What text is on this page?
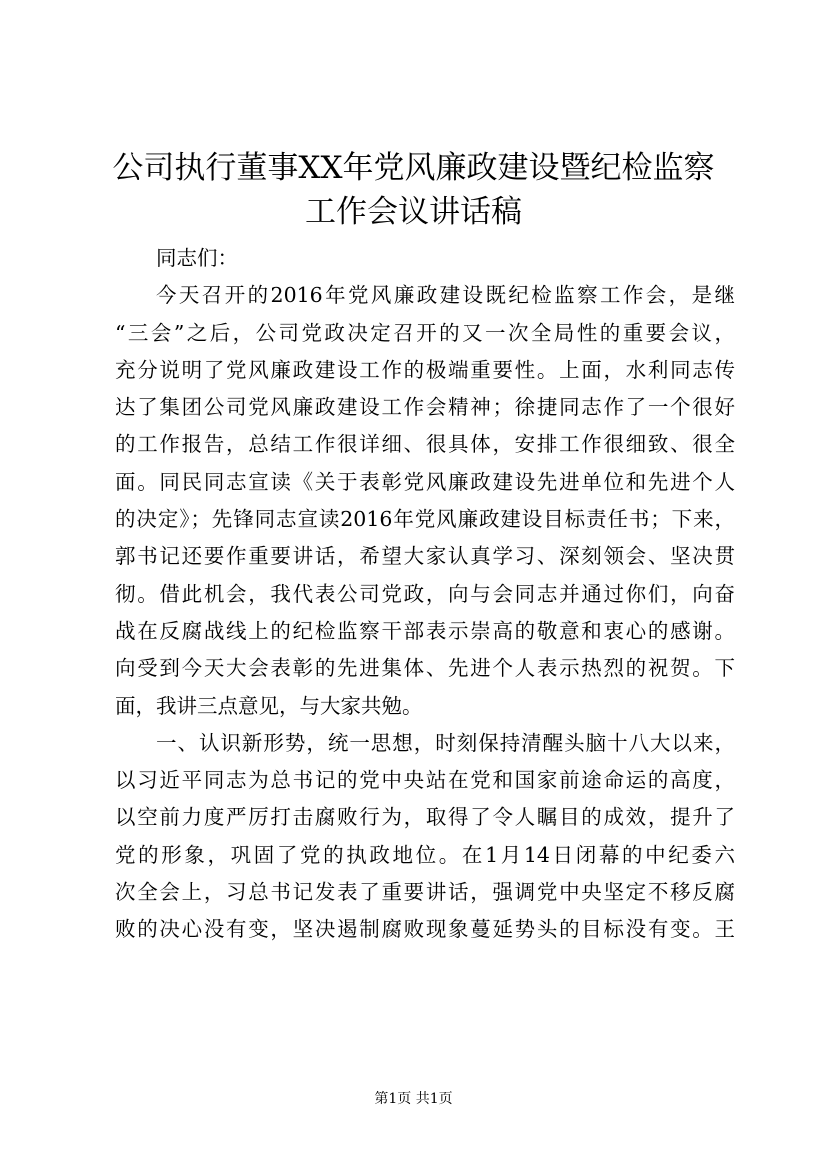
公司执行董事XX年党风廉政建设暨纪检监察
工作会议讲话稿
同志们：
今天召开的2016年党风廉政建设既纪检监察工作会，是继
“三会”之后，公司党政决定召开的又一次全局性的重要会议，
充分说明了党风廉政建设工作的极端重要性。上面，水利同志传
达了集团公司党风廉政建设工作会精神；徐捷同志作了一个很好
的工作报告，总结工作很详细、很具体，安排工作很细致、很全
面。同民同志宣读《关于表彰党风廉政建设先进单位和先进个人
的决定》；先锋同志宣读2016年党风廉政建设目标责任书；下来，
郭书记还要作重要讲话，希望大家认真学习、深刻领会、坚决贯
彻。借此机会，我代表公司党政，向与会同志并通过你们，向奋
战在反腐战线上的纪检监察干部表示崇高的敬意和衷心的感谢。
向受到今天大会表彰的先进集体、先进个人表示热烈的祝贺。下
面，我讲三点意见，与大家共勉。
一、认识新形势，统一思想，时刻保持清醒头脑十八大以来，
以习近平同志为总书记的党中央站在党和国家前途命运的高度，
以空前力度严厉打击腐败行为，取得了令人瞩目的成效，提升了
党的形象，巩固了党的执政地位。在1月14日闭幕的中纪委六
次全会上，习总书记发表了重要讲话，强调党中央坚定不移反腐
败的决心没有变，坚决遏制腐败现象蔓延势头的目标没有变。王
第1页 共1页
